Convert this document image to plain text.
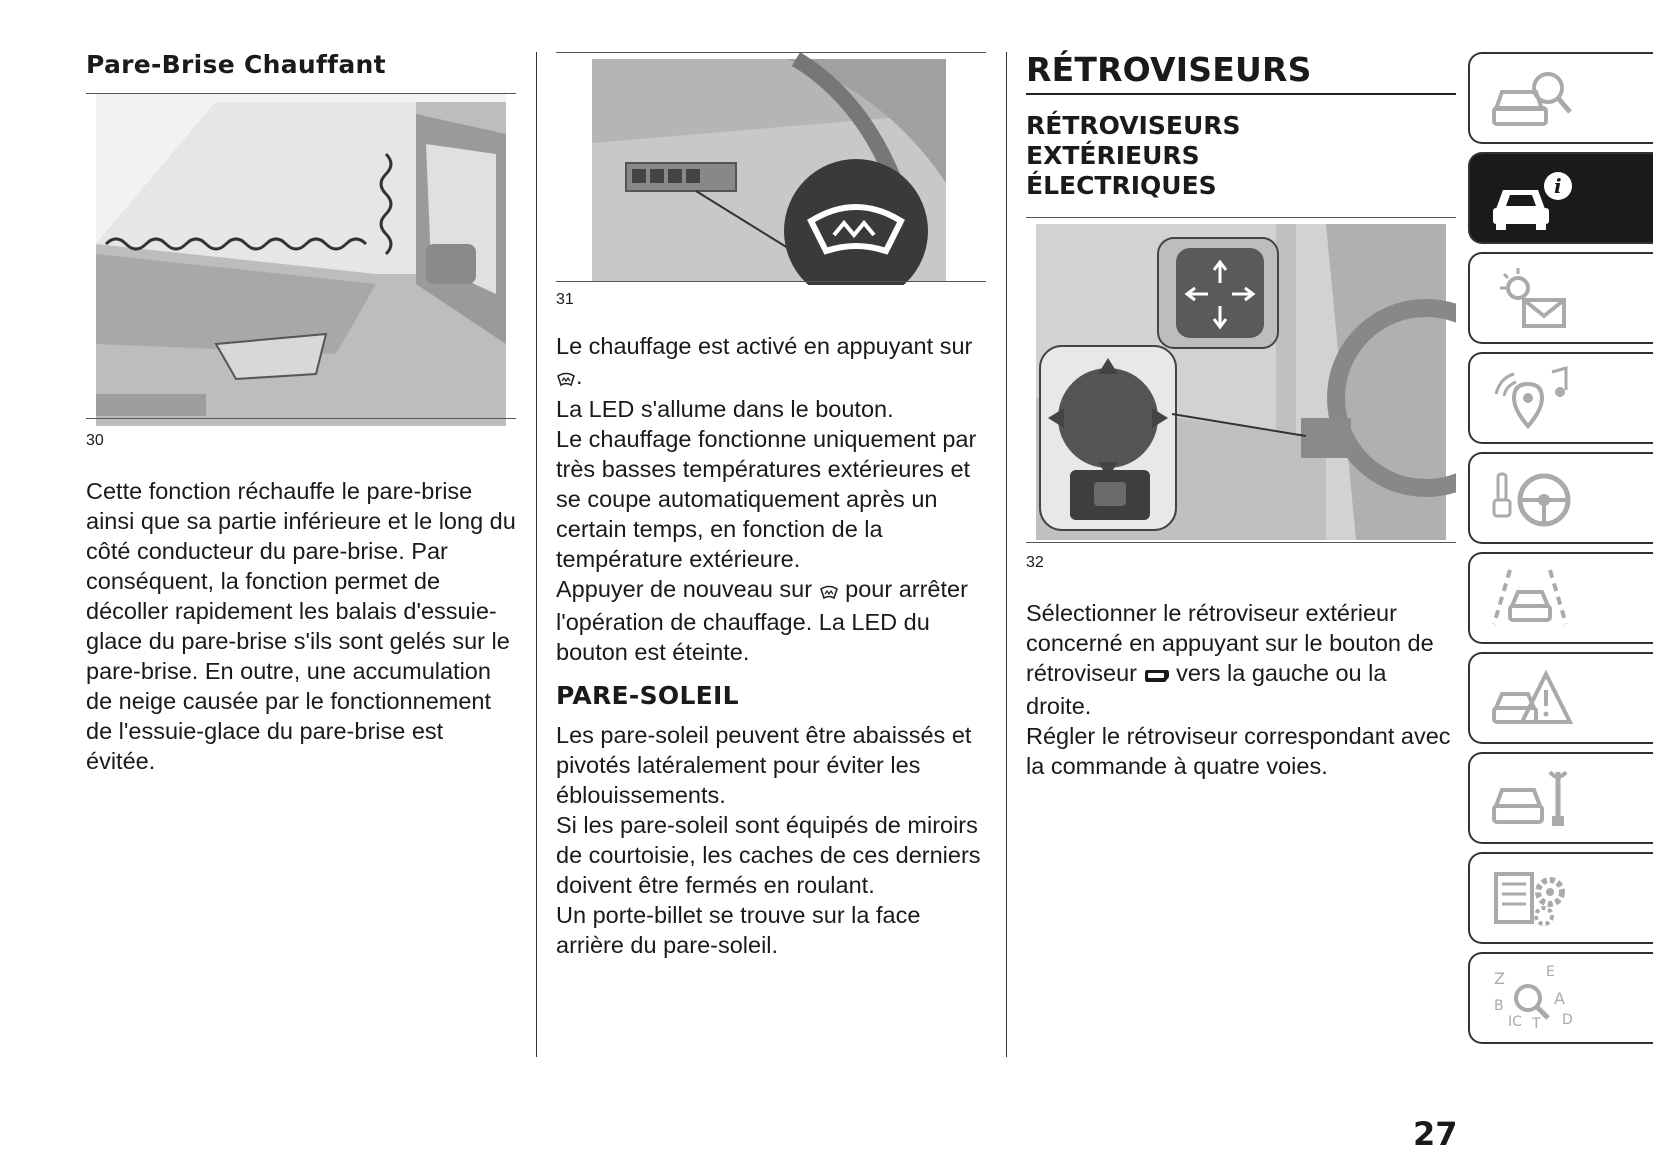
Pare-Brise Chauffant
30

Cette fonction réchauffe le pare-brise ainsi que sa partie inférieure et le long du côté conducteur du pare-brise. Par conséquent, la fonction permet de décoller rapidement les balais d'essuie-glace du pare-brise s'ils sont gelés sur le pare-brise. En outre, une accumulation de neige causée par le fonctionnement de l'essuie-glace du pare-brise est évitée.

31

Le chauffage est activé en appuyant sur .

La LED s'allume dans le bouton.

Le chauffage fonctionne uniquement par très basses températures extérieures et se coupe automatiquement après un certain temps, en fonction de la température extérieure.

Appuyer de nouveau sur pour arrêter l'opération de chauffage. La LED du bouton est éteinte.

PARE-SOLEIL

Les pare-soleil peuvent être abaissés et pivotés latéralement pour éviter les éblouissements.

Si les pare-soleil sont équipés de miroirs de courtoisie, les caches de ces derniers doivent être fermés en roulant.

Un porte-billet se trouve sur la face arrière du pare-soleil.

RÉTROVISEURS
RÉTROVISEURS
EXTÉRIEURS
ÉLECTRIQUES
32

Sélectionner le rétroviseur extérieur concerné en appuyant sur le bouton de rétroviseur vers la gauche ou la droite.

Régler le rétroviseur correspondant avec la commande à quatre voies.

i
Z	E
B	A
IC T D
27
